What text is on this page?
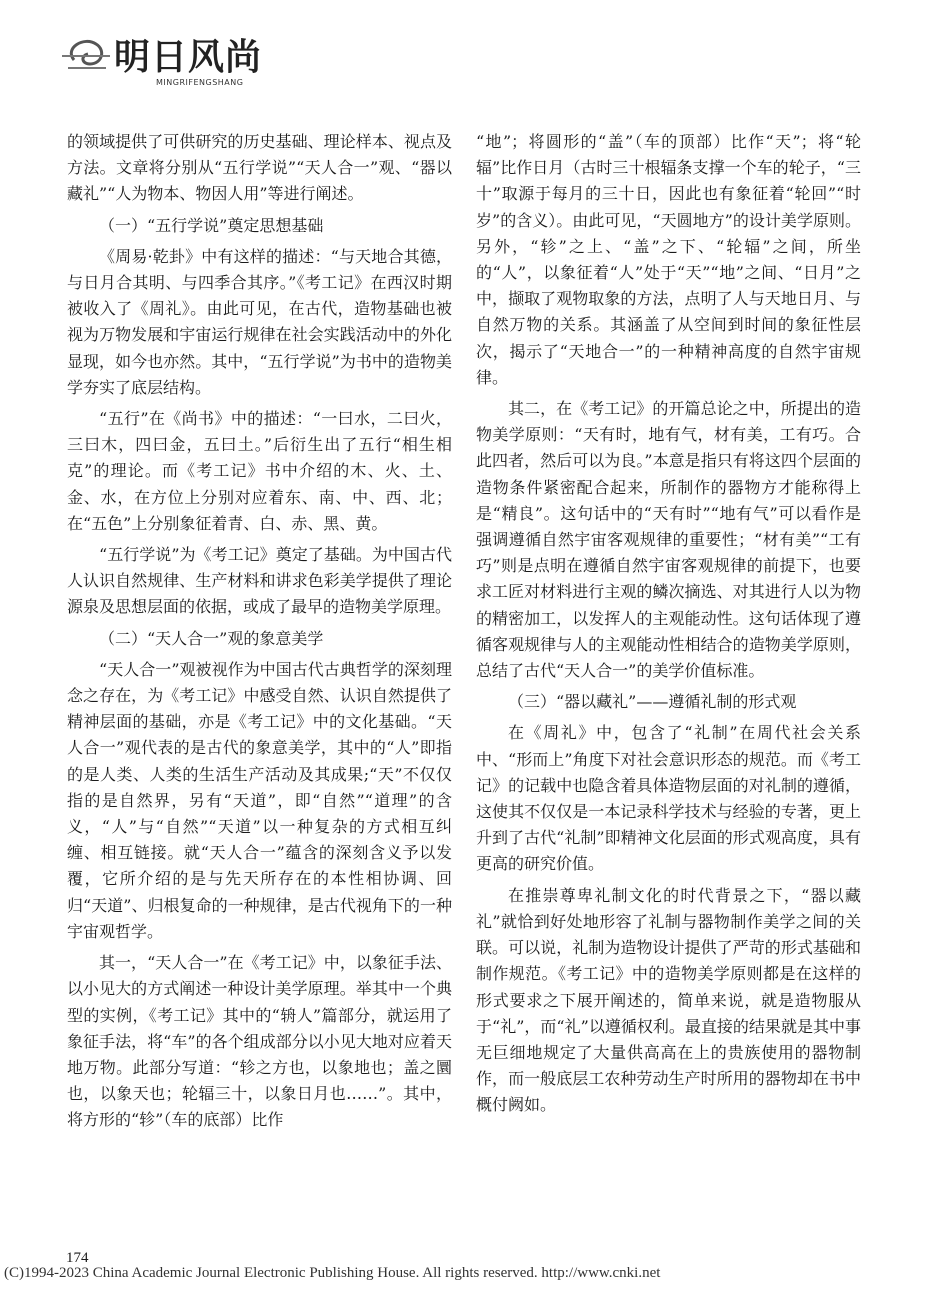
明日风尚
MINGRIFENGSHANG

的领域提供了可供研究的历史基础、理论样本、视点及方法。文章将分别从“五行学说”“天人合一”观、“器以藏礼”“人为物本、物因人用”等进行阐述。

（一）“五行学说”奠定思想基础

《周易·乾卦》中有这样的描述：“与天地合其德，与日月合其明、与四季合其序。”《考工记》在西汉时期被收入了《周礼》。由此可见，在古代，造物基础也被视为万物发展和宇宙运行规律在社会实践活动中的外化显现，如今也亦然。其中，“五行学说”为书中的造物美学夯实了底层结构。

“五行”在《尚书》中的描述：“一曰水，二曰火，三曰木，四曰金，五曰土。”后衍生出了五行“相生相克”的理论。而《考工记》书中介绍的木、火、土、金、水，在方位上分别对应着东、南、中、西、北；在“五色”上分别象征着青、白、赤、黑、黄。

“五行学说”为《考工记》奠定了基础。为中国古代人认识自然规律、生产材料和讲求色彩美学提供了理论源泉及思想层面的依据，或成了最早的造物美学原理。

（二）“天人合一”观的象意美学

“天人合一”观被视作为中国古代古典哲学的深刻理念之存在，为《考工记》中感受自然、认识自然提供了精神层面的基础，亦是《考工记》中的文化基础。“天人合一”观代表的是古代的象意美学，其中的“人”即指的是人类、人类的生活生产活动及其成果;“天”不仅仅指的是自然界，另有“天道”，即“自然”“道理”的含义，“人”与“自然”“天道”以一种复杂的方式相互纠缠、相互链接。就“天人合一”蕴含的深刻含义予以发覆，它所介绍的是与先天所存在的本性相协调、回归“天道”、归根复命的一种规律，是古代视角下的一种宇宙观哲学。

其一，“天人合一”在《考工记》中，以象征手法、以小见大的方式阐述一种设计美学原理。举其中一个典型的实例，《考工记》其中的“辀人”篇部分，就运用了象征手法，将“车”的各个组成部分以小见大地对应着天地万物。此部分写道：“轸之方也，以象地也；盖之圜也，以象天也；轮辐三十，以象日月也……”。其中，将方形的“轸”（车的底部）比作

“地”；将圆形的“盖”（车的顶部）比作“天”；将“轮辐”比作日月（古时三十根辐条支撑一个车的轮子，“三十”取源于每月的三十日，因此也有象征着“轮回”“时岁”的含义）。由此可见，“天圆地方”的设计美学原则。另外，“轸”之上、“盖”之下、“轮辐”之间，所坐的“人”，以象征着“人”处于“天”“地”之间、“日月”之中，撷取了观物取象的方法，点明了人与天地日月、与自然万物的关系。其涵盖了从空间到时间的象征性层次，揭示了“天地合一”的一种精神高度的自然宇宙规律。

其二，在《考工记》的开篇总论之中，所提出的造物美学原则：“天有时，地有气，材有美，工有巧。合此四者，然后可以为良。”本意是指只有将这四个层面的造物条件紧密配合起来，所制作的器物方才能称得上是“精良”。这句话中的“天有时”“地有气”可以看作是强调遵循自然宇宙客观规律的重要性；“材有美”“工有巧”则是点明在遵循自然宇宙客观规律的前提下，也要求工匠对材料进行主观的鳞次摘选、对其进行人以为物的精密加工，以发挥人的主观能动性。这句话体现了遵循客观规律与人的主观能动性相结合的造物美学原则，总结了古代“天人合一”的美学价值标准。

（三）“器以藏礼”——遵循礼制的形式观

在《周礼》中，包含了“礼制”在周代社会关系中、“形而上”角度下对社会意识形态的规范。而《考工记》的记载中也隐含着具体造物层面的对礼制的遵循，这使其不仅仅是一本记录科学技术与经验的专著，更上升到了古代“礼制”即精神文化层面的形式观高度，具有更高的研究价值。

在推崇尊卑礼制文化的时代背景之下，“器以藏礼”就恰到好处地形容了礼制与器物制作美学之间的关联。可以说，礼制为造物设计提供了严苛的形式基础和制作规范。《考工记》中的造物美学原则都是在这样的形式要求之下展开阐述的，简单来说，就是造物服从于“礼”，而“礼”以遵循权利。最直接的结果就是其中事无巨细地规定了大量供高高在上的贵族使用的器物制作，而一般底层工农种劳动生产时所用的器物却在书中概付阙如。

174
(C)1994-2023 China Academic Journal Electronic Publishing House. All rights reserved. http://www.cnki.net
